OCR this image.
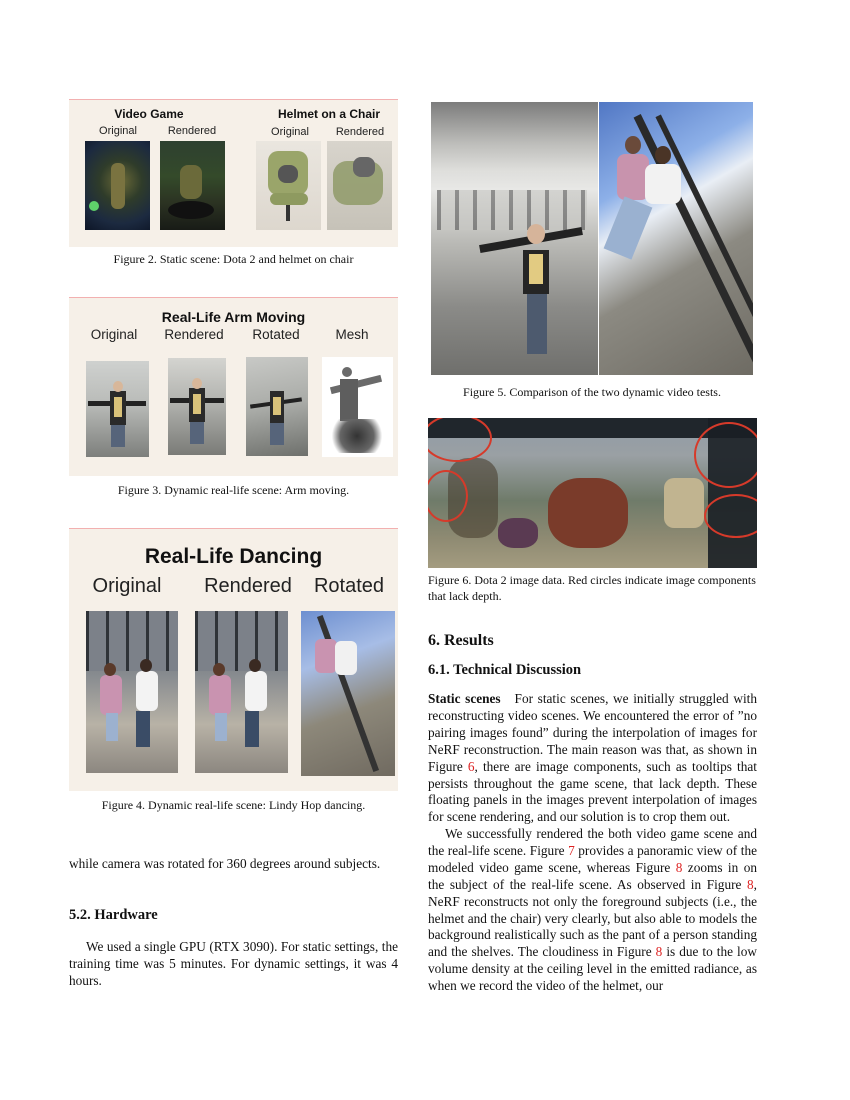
Video Game	Helmet on a Chair
Original	Rendered	Original	Rendered
Figure 2. Static scene: Dota 2 and helmet on chair
Real-Life Arm Moving
Original	Rendered	Rotated	Mesh
Figure 3. Dynamic real-life scene: Arm moving.
Real-Life Dancing
Original	Rendered	Rotated
Figure 4. Dynamic real-life scene: Lindy Hop dancing.
while camera was rotated for 360 degrees around subjects.
5.2. Hardware
We used a single GPU (RTX 3090). For static settings, the training time was 5 minutes. For dynamic settings, it was 4 hours.
Figure 5. Comparison of the two dynamic video tests.
Figure 6. Dota 2 image data. Red circles indicate image components that lack depth.
6. Results
6.1. Technical Discussion
Static scenes For static scenes, we initially struggled with reconstructing video scenes. We encountered the error of ”no pairing images found” during the interpolation of images for NeRF reconstruction. The main reason was that, as shown in Figure 6, there are image components, such as tooltips that persists throughout the game scene, that lack depth. These floating panels in the images prevent interpolation of images for scene rendering, and our solution is to crop them out.
We successfully rendered the both video game scene and the real-life scene. Figure 7 provides a panoramic view of the modeled video game scene, whereas Figure 8 zooms in on the subject of the real-life scene. As observed in Figure 8, NeRF reconstructs not only the foreground subjects (i.e., the helmet and the chair) very clearly, but also able to models the background realistically such as the pant of a person standing and the shelves. The cloudiness in Figure 8 is due to the low volume density at the ceiling level in the emitted radiance, as when we record the video of the helmet, our
